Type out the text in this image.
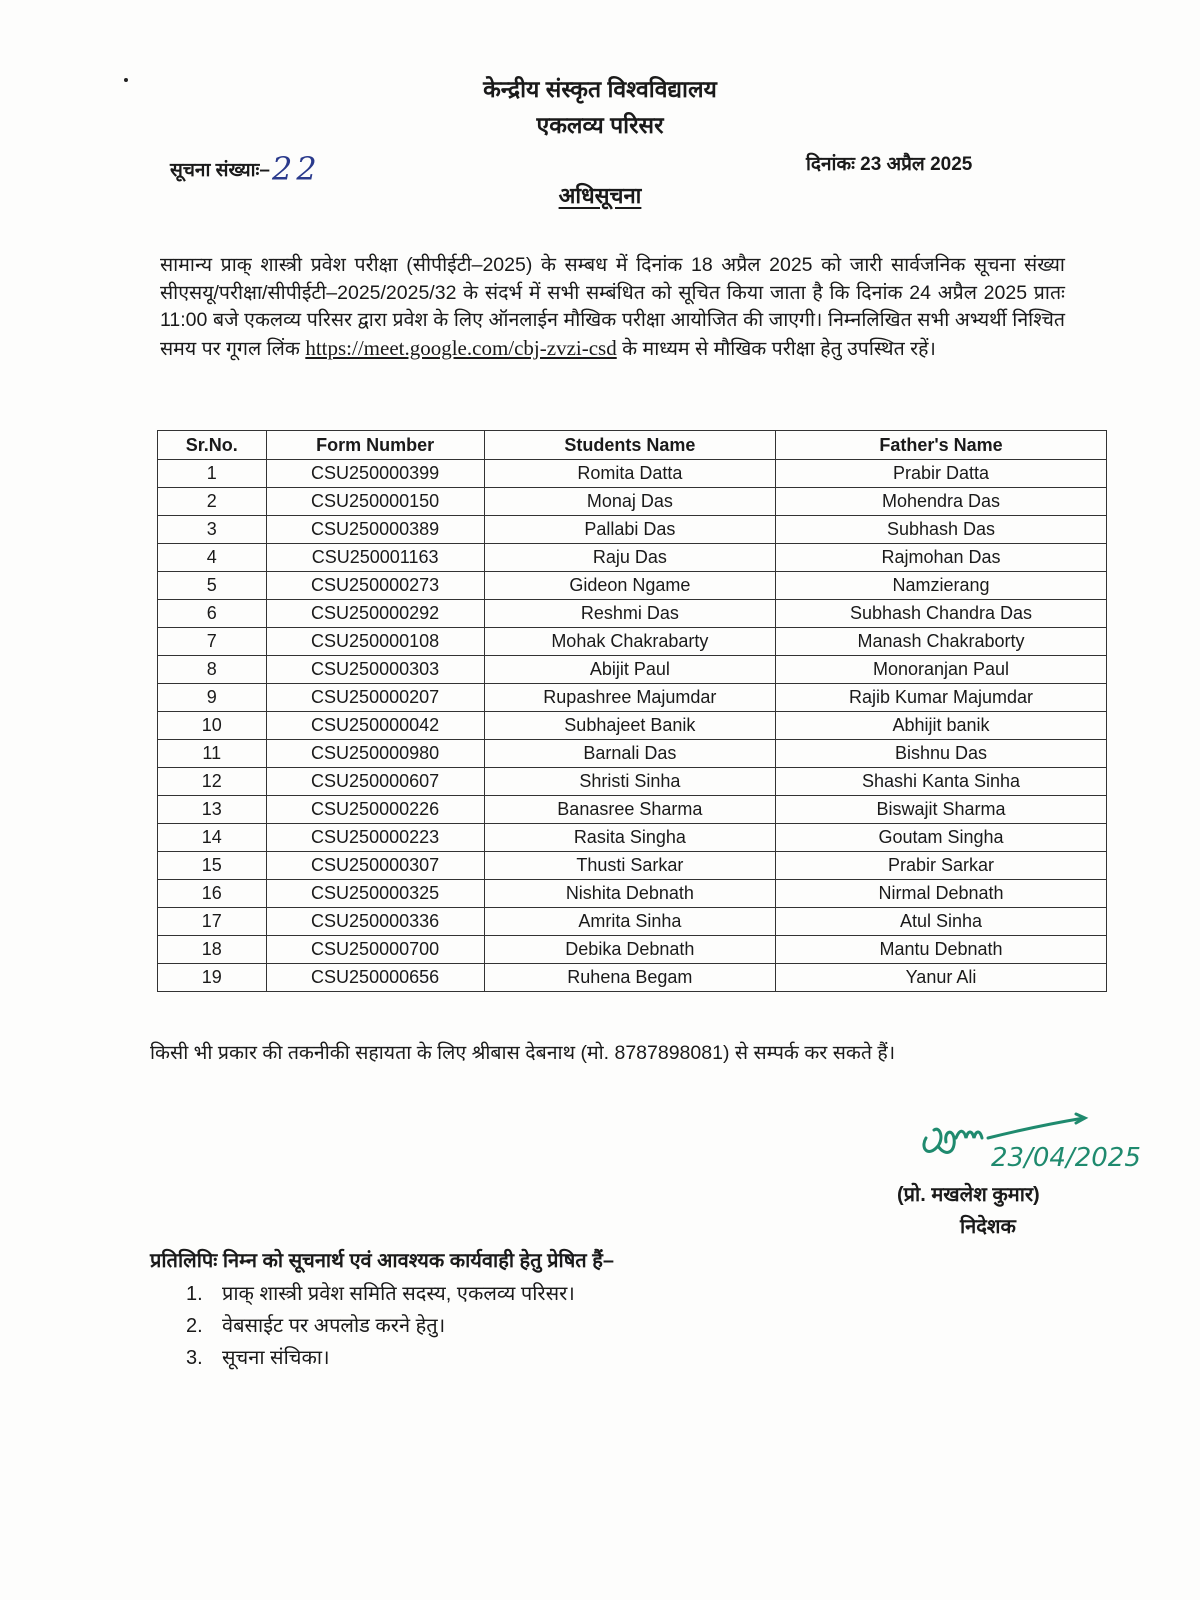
केन्द्रीय संस्कृत विश्वविद्यालय
एकलव्य परिसर
सूचना संख्याः–22	दिनांकः 23 अप्रैल 2025
अधिसूचना
सामान्य प्राक् शास्त्री प्रवेश परीक्षा (सीपीईटी–2025) के सम्बध में दिनांक 18 अप्रैल 2025 को जारी सार्वजनिक सूचना संख्या सीएसयू/परीक्षा/सीपीईटी–2025/2025/32 के संदर्भ में सभी सम्बंधित को सूचित किया जाता है कि दिनांक 24 अप्रैल 2025 प्रातः 11:00 बजे एकलव्य परिसर द्वारा प्रवेश के लिए ऑनलाईन मौखिक परीक्षा आयोजित की जाएगी। निम्नलिखित सभी अभ्यर्थी निश्चित समय पर गूगल लिंक https://meet.google.com/cbj-zvzi-csd के माध्यम से मौखिक परीक्षा हेतु उपस्थित रहें।
Sr.No.	Form Number	Students Name	Father's Name
1	CSU250000399	Romita Datta	Prabir Datta
2	CSU250000150	Monaj Das	Mohendra Das
3	CSU250000389	Pallabi Das	Subhash Das
4	CSU250001163	Raju Das	Rajmohan Das
5	CSU250000273	Gideon Ngame	Namzierang
6	CSU250000292	Reshmi Das	Subhash Chandra Das
7	CSU250000108	Mohak Chakrabarty	Manash Chakraborty
8	CSU250000303	Abijit Paul	Monoranjan Paul
9	CSU250000207	Rupashree Majumdar	Rajib Kumar Majumdar
10	CSU250000042	Subhajeet Banik	Abhijit banik
11	CSU250000980	Barnali Das	Bishnu Das
12	CSU250000607	Shristi Sinha	Shashi Kanta Sinha
13	CSU250000226	Banasree Sharma	Biswajit Sharma
14	CSU250000223	Rasita Singha	Goutam Singha
15	CSU250000307	Thusti Sarkar	Prabir Sarkar
16	CSU250000325	Nishita Debnath	Nirmal Debnath
17	CSU250000336	Amrita Sinha	Atul Sinha
18	CSU250000700	Debika Debnath	Mantu Debnath
19	CSU250000656	Ruhena Begam	Yanur Ali
किसी भी प्रकार की तकनीकी सहायता के लिए श्रीबास देबनाथ (मो. 8787898081) से सम्पर्क कर सकते हैं।
23/04/2025
(प्रो. मखलेश कुमार)
निदेशक
प्रतिलिपिः निम्न को सूचनार्थ एवं आवश्यक कार्यवाही हेतु प्रेषित हैं–
1. प्राक् शास्त्री प्रवेश समिति सदस्य, एकलव्य परिसर।
2. वेबसाईट पर अपलोड करने हेतु।
3. सूचना संचिका।
